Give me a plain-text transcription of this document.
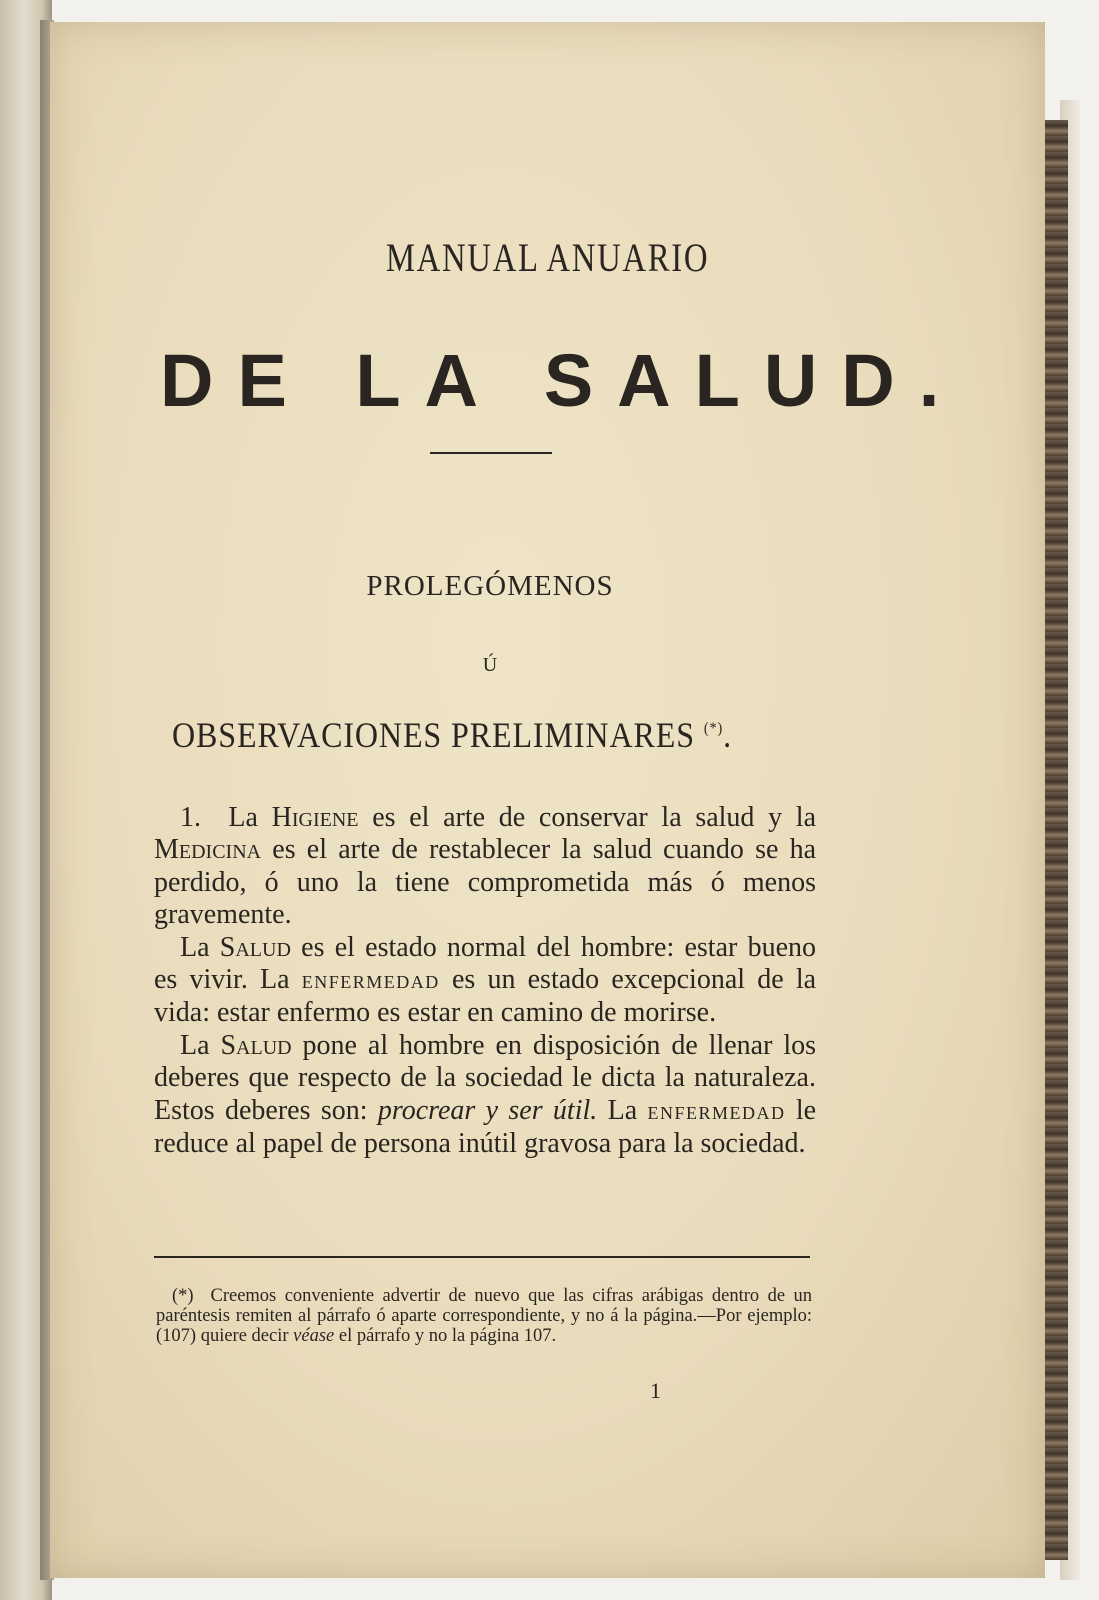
MANUAL ANUARIO
DE LA SALUD.
PROLEGÓMENOS
Ú
OBSERVACIONES PRELIMINARES (*).

1. La Higiene es el arte de conservar la salud y la Medicina es el arte de restablecer la salud cuando se ha perdido, ó uno la tiene comprometida más ó menos gravemente.

La Salud es el estado normal del hombre: estar bueno es vivir. La enfermedad es un estado excepcional de la vida: estar enfermo es estar en camino de morirse.

La Salud pone al hombre en disposición de llenar los deberes que respecto de la sociedad le dicta la naturaleza. Estos deberes son: procrear y ser útil. La enfermedad le reduce al papel de persona inútil gravosa para la sociedad.

(*) Creemos conveniente advertir de nuevo que las cifras arábigas dentro de un paréntesis remiten al párrafo ó aparte correspondiente, y no á la página.—Por ejemplo: (107) quiere decir véase el párrafo y no la página 107.

1
